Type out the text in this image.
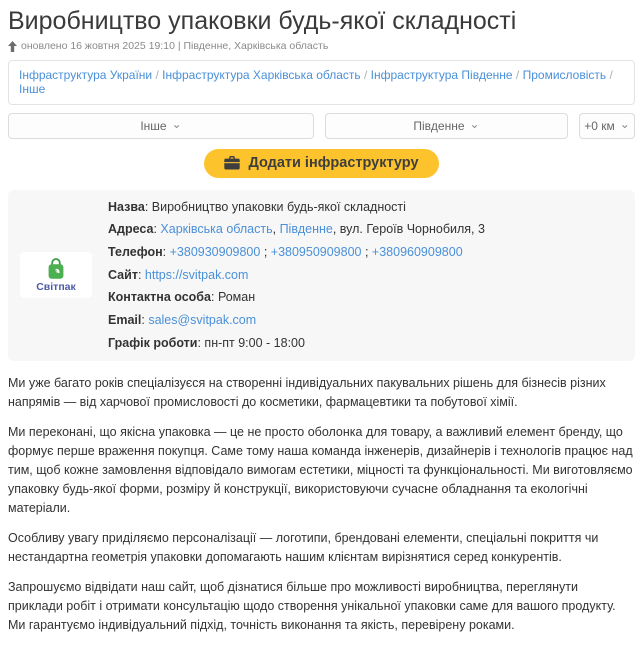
Виробництво упаковки будь-якої складності
оновлено 16 жовтня 2025 19:10 | Південне, Харківська область
Інфраструктура України / Інфраструктура Харківська область / Інфраструктура Південне / Промисловість / Інше
Інше ⌄	Південне ⌄	+0 км ⌄
Додати інфраструктуру
Світпак
Назва: Виробництво упаковки будь-якої складності
Адреса: Харківська область, Південне, вул. Героїв Чорнобиля, 3
Телефон: +380930909800 ; +380950909800 ; +380960909800
Сайт: https://svitpak.com
Контактна особа: Роман
Email: sales@svitpak.com
Графік роботи: пн-пт 9:00 - 18:00

Ми уже багато років спеціалізуєся на створенні індивідуальних пакувальних рішень для бізнесів різних напрямів — від харчової промисловості до косметики, фармацевтики та побутової хімії.

Ми переконані, що якісна упаковка — це не просто оболонка для товару, а важливий елемент бренду, що формує перше враження покупця. Саме тому наша команда інженерів, дизайнерів і технологів працює над тим, щоб кожне замовлення відповідало вимогам естетики, міцності та функціональності. Ми виготовляємо упаковку будь-якої форми, розміру й конструкції, використовуючи сучасне обладнання та екологічні матеріали.

Особливу увагу приділяємо персоналізації — логотипи, брендовані елементи, спеціальні покриття чи нестандартна геометрія упаковки допомагають нашим клієнтам вирізнятися серед конкурентів.

Запрошуємо відвідати наш сайт, щоб дізнатися більше про можливості виробництва, переглянути приклади робіт і отримати консультацію щодо створення унікальної упаковки саме для вашого продукту. Ми гарантуємо індивідуальний підхід, точність виконання та якість, перевірену роками.
